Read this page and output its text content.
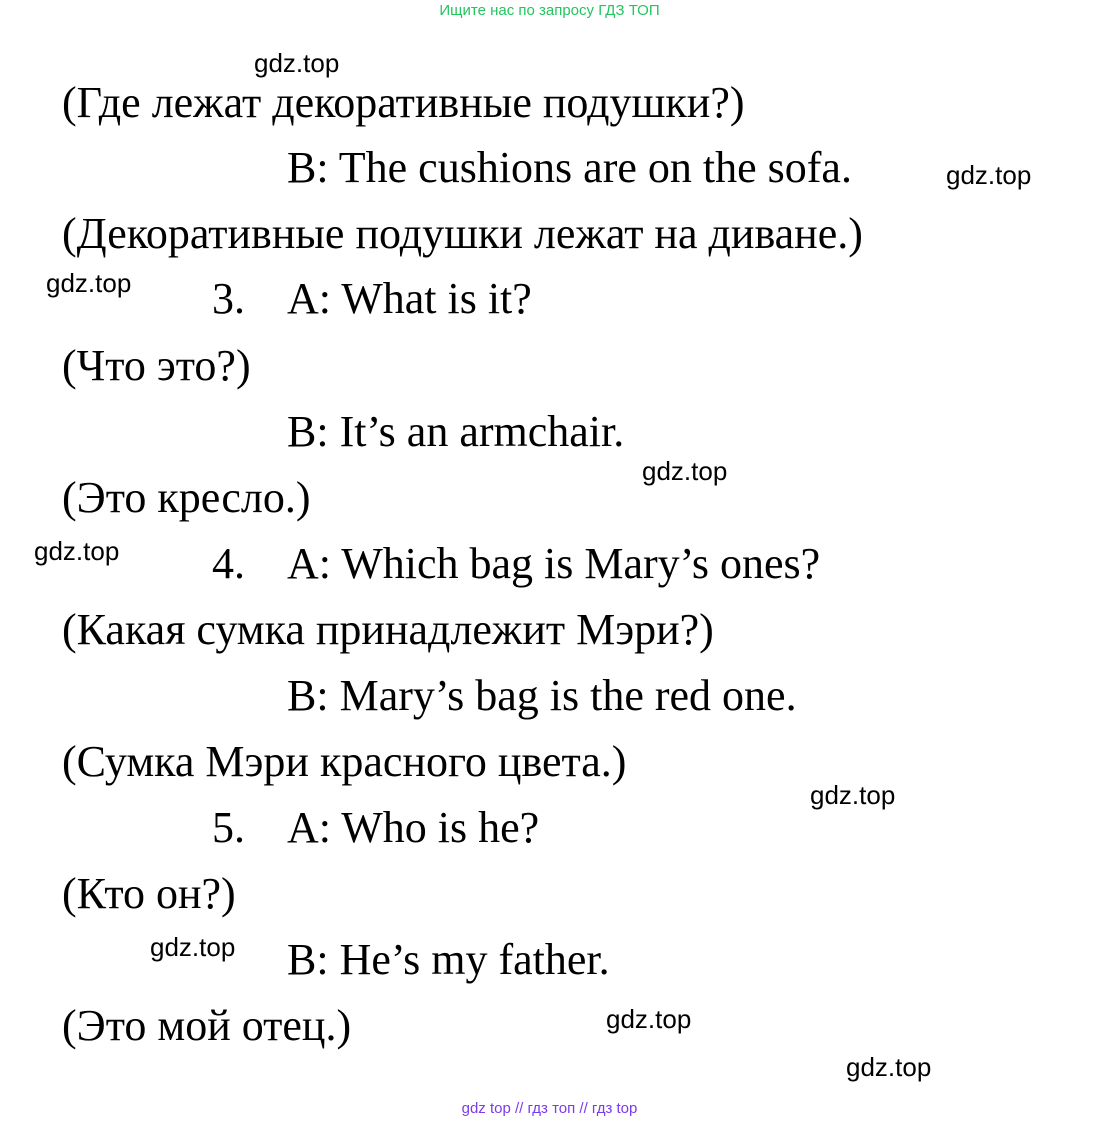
Ищите нас по запросу ГДЗ ТОП
(Где лежат декоративные подушки?)
B: The cushions are on the sofa.
(Декоративные подушки лежат на диване.)
3. A: What is it?
(Что это?)
B: It’s an armchair.
(Это кресло.)
4. A: Which bag is Mary’s ones?
(Какая сумка принадлежит Мэри?)
B: Mary’s bag is the red one.
(Сумка Мэри красного цвета.)
5. A: Who is he?
(Кто он?)
B: He’s my father.
(Это мой отец.)
gdz.top
gdz.top
gdz.top
gdz.top
gdz.top
gdz.top
gdz.top
gdz.top
gdz.top
gdz top // гдз топ // гдз top
